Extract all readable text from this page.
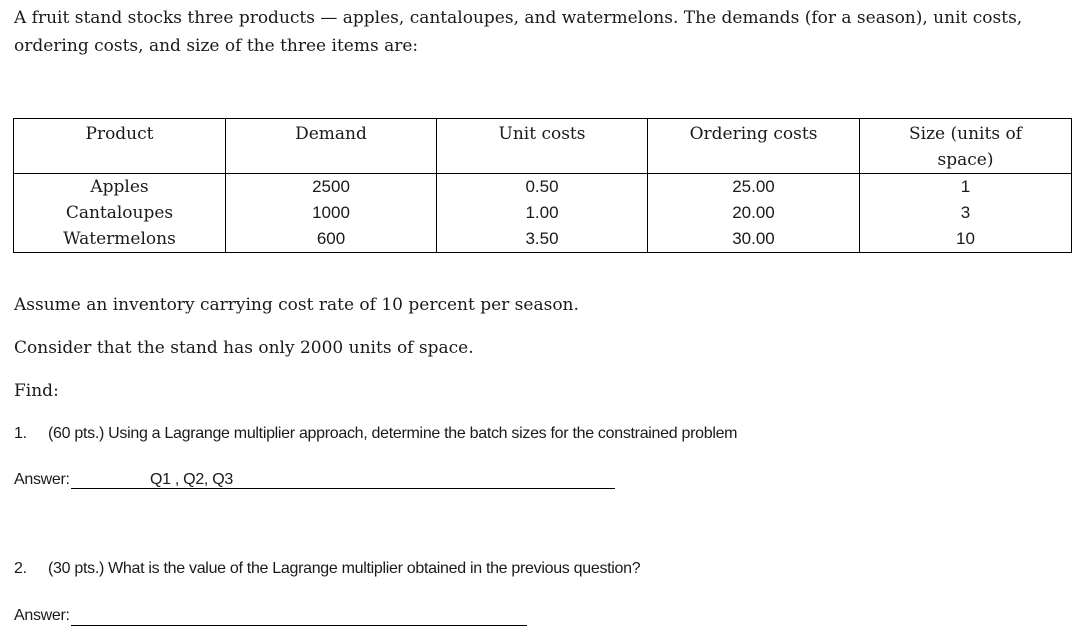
A fruit stand stocks three products — apples, cantaloupes, and watermelons. The demands (for a season), unit costs, ordering costs, and size of the three items are:
Product	Demand	Unit costs	Ordering costs	Size (units of space)
Apples	2500	0.50	25.00	1
Cantaloupes	1000	1.00	20.00	3
Watermelons	600	3.50	30.00	10
Assume an inventory carrying cost rate of 10 percent per season.
Consider that the stand has only 2000 units of space.
Find:
1. (60 pts.) Using a Lagrange multiplier approach, determine the batch sizes for the constrained problem
Answer:	Q1 , Q2, Q3
2. (30 pts.) What is the value of the Lagrange multiplier obtained in the previous question?
Answer:
